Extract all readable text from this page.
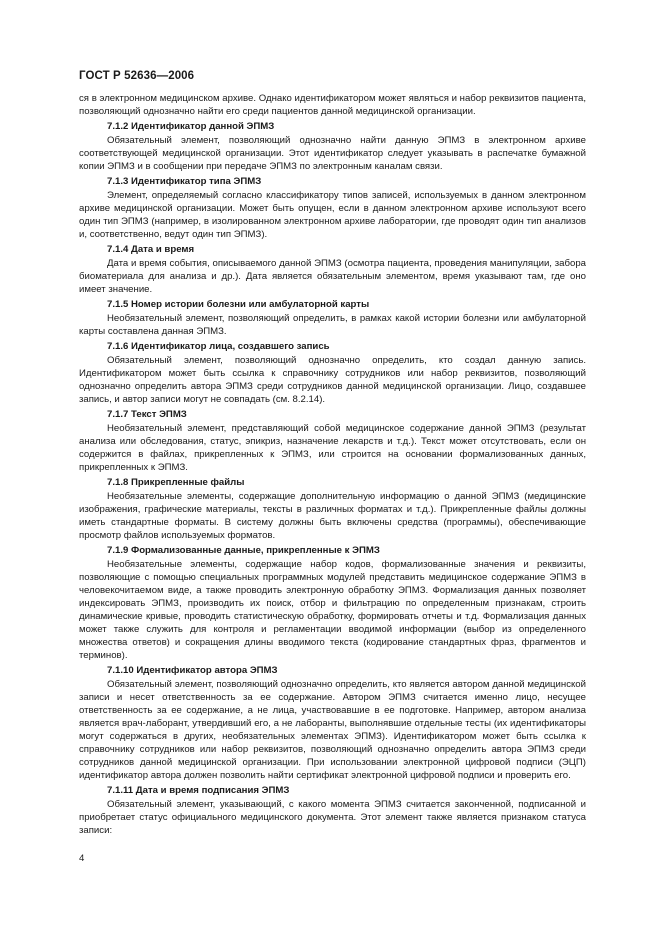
ГОСТ Р 52636—2006

ся в электронном медицинском архиве. Однако идентификатором может являться и набор реквизитов пациента, позволяющий однозначно найти его среди пациентов данной медицинской организации.

7.1.2 Идентификатор данной ЭПМЗ

Обязательный элемент, позволяющий однозначно найти данную ЭПМЗ в электронном архиве соответствующей медицинской организации. Этот идентификатор следует указывать в распечатке бумажной копии ЭПМЗ и в сообщении при передаче ЭПМЗ по электронным каналам связи.

7.1.3 Идентификатор типа ЭПМЗ

Элемент, определяемый согласно классификатору типов записей, используемых в данном электронном архиве медицинской организации. Может быть опущен, если в данном электронном архиве используют всего один тип ЭПМЗ (например, в изолированном электронном архиве лаборатории, где проводят один тип анализов и, соответственно, ведут один тип ЭПМЗ).

7.1.4 Дата и время

Дата и время события, описываемого данной ЭПМЗ (осмотра пациента, проведения манипуляции, забора биоматериала для анализа и др.). Дата является обязательным элементом, время указывают там, где оно имеет значение.

7.1.5 Номер истории болезни или амбулаторной карты

Необязательный элемент, позволяющий определить, в рамках какой истории болезни или амбулаторной карты составлена данная ЭПМЗ.

7.1.6 Идентификатор лица, создавшего запись

Обязательный элемент, позволяющий однозначно определить, кто создал данную запись. Идентификатором может быть ссылка к справочнику сотрудников или набор реквизитов, позволяющий однозначно определить автора ЭПМЗ среди сотрудников данной медицинской организации. Лицо, создавшее запись, и автор записи могут не совпадать (см. 8.2.14).

7.1.7 Текст ЭПМЗ

Необязательный элемент, представляющий собой медицинское содержание данной ЭПМЗ (результат анализа или обследования, статус, эпикриз, назначение лекарств и т.д.). Текст может отсутствовать, если он содержится в файлах, прикрепленных к ЭПМЗ, или строится на основании формализованных данных, прикрепленных к ЭПМЗ.

7.1.8 Прикрепленные файлы

Необязательные элементы, содержащие дополнительную информацию о данной ЭПМЗ (медицинские изображения, графические материалы, тексты в различных форматах и т.д.). Прикрепленные файлы должны иметь стандартные форматы. В систему должны быть включены средства (программы), обеспечивающие просмотр файлов используемых форматов.

7.1.9 Формализованные данные, прикрепленные к ЭПМЗ

Необязательные элементы, содержащие набор кодов, формализованные значения и реквизиты, позволяющие с помощью специальных программных модулей представить медицинское содержание ЭПМЗ в человекочитаемом виде, а также проводить электронную обработку ЭПМЗ. Формализация данных позволяет индексировать ЭПМЗ, производить их поиск, отбор и фильтрацию по определенным признакам, строить динамические кривые, проводить статистическую обработку, формировать отчеты и т.д. Формализация данных может также служить для контроля и регламентации вводимой информации (выбор из определенного множества ответов) и сокращения длины вводимого текста (кодирование стандартных фраз, фрагментов и терминов).

7.1.10 Идентификатор автора ЭПМЗ

Обязательный элемент, позволяющий однозначно определить, кто является автором данной медицинской записи и несет ответственность за ее содержание. Автором ЭПМЗ считается именно лицо, несущее ответственность за ее содержание, а не лица, участвовавшие в ее подготовке. Например, автором анализа является врач-лаборант, утвердивший его, а не лаборанты, выполнявшие отдельные тесты (их идентификаторы могут содержаться в других, необязательных элементах ЭПМЗ). Идентификатором может быть ссылка к справочнику сотрудников или набор реквизитов, позволяющий однозначно определить автора ЭПМЗ среди сотрудников данной медицинской организации. При использовании электронной цифровой подписи (ЭЦП) идентификатор автора должен позволить найти сертификат электронной цифровой подписи и проверить его.

7.1.11 Дата и время подписания ЭПМЗ

Обязательный элемент, указывающий, с какого момента ЭПМЗ считается законченной, подписанной и приобретает статус официального медицинского документа. Этот элемент также является признаком статуса записи:

4
